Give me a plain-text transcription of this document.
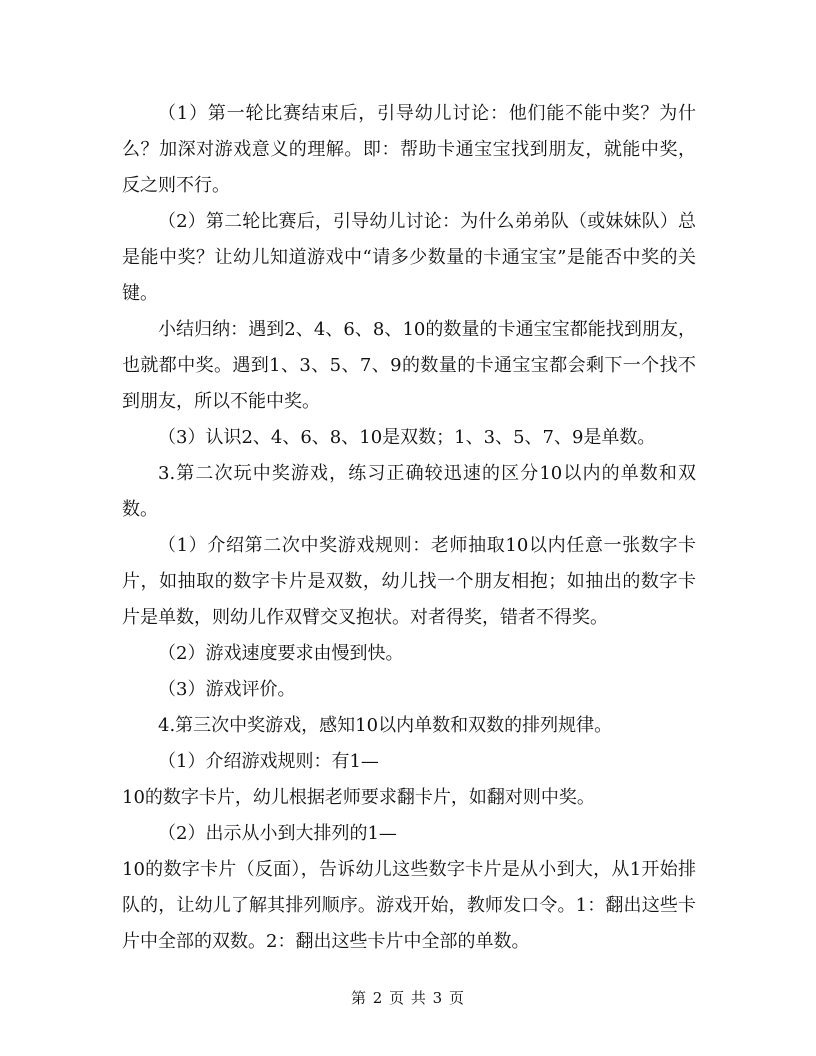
（1）第一轮比赛结束后，引导幼儿讨论：他们能不能中奖？为什么？加深对游戏意义的理解。即：帮助卡通宝宝找到朋友，就能中奖，反之则不行。

（2）第二轮比赛后，引导幼儿讨论：为什么弟弟队（或妹妹队）总是能中奖？让幼儿知道游戏中“请多少数量的卡通宝宝”是能否中奖的关键。

小结归纳：遇到2、4、6、8、10的数量的卡通宝宝都能找到朋友，也就都中奖。遇到1、3、5、7、9的数量的卡通宝宝都会剩下一个找不到朋友，所以不能中奖。

（3）认识2、4、6、8、10是双数；1、3、5、7、9是单数。

3.第二次玩中奖游戏，练习正确较迅速的区分10以内的单数和双数。

（1）介绍第二次中奖游戏规则：老师抽取10以内任意一张数字卡片，如抽取的数字卡片是双数，幼儿找一个朋友相抱；如抽出的数字卡片是单数，则幼儿作双臂交叉抱状。对者得奖，错者不得奖。

（2）游戏速度要求由慢到快。

（3）游戏评价。

4.第三次中奖游戏，感知10以内单数和双数的排列规律。

（1）介绍游戏规则：有1—

10的数字卡片，幼儿根据老师要求翻卡片，如翻对则中奖。

（2）出示从小到大排列的1—

10的数字卡片（反面），告诉幼儿这些数字卡片是从小到大，从1开始排队的，让幼儿了解其排列顺序。游戏开始，教师发口令。1：翻出这些卡片中全部的双数。2：翻出这些卡片中全部的单数。

第 2 页 共 3 页
